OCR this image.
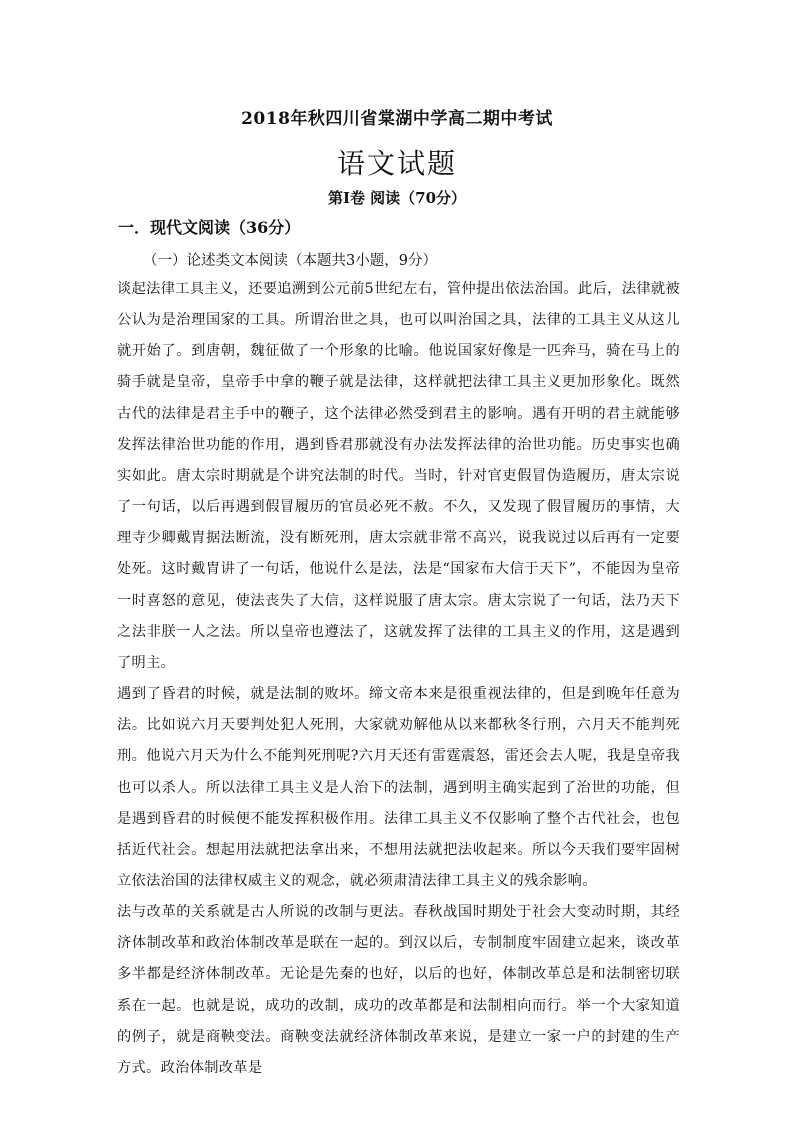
2018年秋四川省棠湖中学高二期中考试
语文试题
第Ⅰ卷 阅读（70分）
一．现代文阅读（36分）
（一）论述类文本阅读（本题共3小题，9分）

谈起法律工具主义，还要追溯到公元前5世纪左右，管仲提出依法治国。此后，法律就被公认为是治理国家的工具。所谓治世之具，也可以叫治国之具，法律的工具主义从这儿就开始了。到唐朝，魏征做了一个形象的比喻。他说国家好像是一匹奔马，骑在马上的骑手就是皇帝，皇帝手中拿的鞭子就是法律，这样就把法律工具主义更加形象化。既然古代的法律是君主手中的鞭子，这个法律必然受到君主的影响。遇有开明的君主就能够发挥法律治世功能的作用，遇到昏君那就没有办法发挥法律的治世功能。历史事实也确实如此。唐太宗时期就是个讲究法制的时代。当时，针对官吏假冒伪造履历，唐太宗说了一句话，以后再遇到假冒履历的官员必死不赦。不久，又发现了假冒履历的事情，大理寺少卿戴胄据法断流，没有断死刑，唐太宗就非常不高兴，说我说过以后再有一定要处死。这时戴胄讲了一句话，他说什么是法，法是“国家布大信于天下”，不能因为皇帝一时喜怒的意见，使法丧失了大信，这样说服了唐太宗。唐太宗说了一句话，法乃天下之法非朕一人之法。所以皇帝也遵法了，这就发挥了法律的工具主义的作用，这是遇到了明主。

遇到了昏君的时候，就是法制的败坏。缔文帝本来是很重视法律的，但是到晚年任意为法。比如说六月天要判处犯人死刑，大家就劝解他从以来都秋冬行刑，六月天不能判死刑。他说六月天为什么不能判死刑呢?六月天还有雷霆震怒，雷还会去人呢，我是皇帝我也可以杀人。所以法律工具主义是人治下的法制，遇到明主确实起到了治世的功能，但是遇到昏君的时候便不能发挥积极作用。法律工具主义不仅影响了整个古代社会，也包括近代社会。想起用法就把法拿出来，不想用法就把法收起来。所以今天我们要牢固树立依法治国的法律权威主义的观念，就必须肃清法律工具主义的残余影响。

法与改革的关系就是古人所说的改制与更法。春秋战国时期处于社会大变动时期，其经济体制改革和政治体制改革是联在一起的。到汉以后，专制制度牢固建立起来，谈改革多半都是经济体制改革。无论是先秦的也好，以后的也好，体制改革总是和法制密切联系在一起。也就是说，成功的改制，成功的改革都是和法制相向而行。举一个大家知道的例子，就是商鞅变法。商鞅变法就经济体制改革来说，是建立一家一户的封建的生产方式。政治体制改革是
